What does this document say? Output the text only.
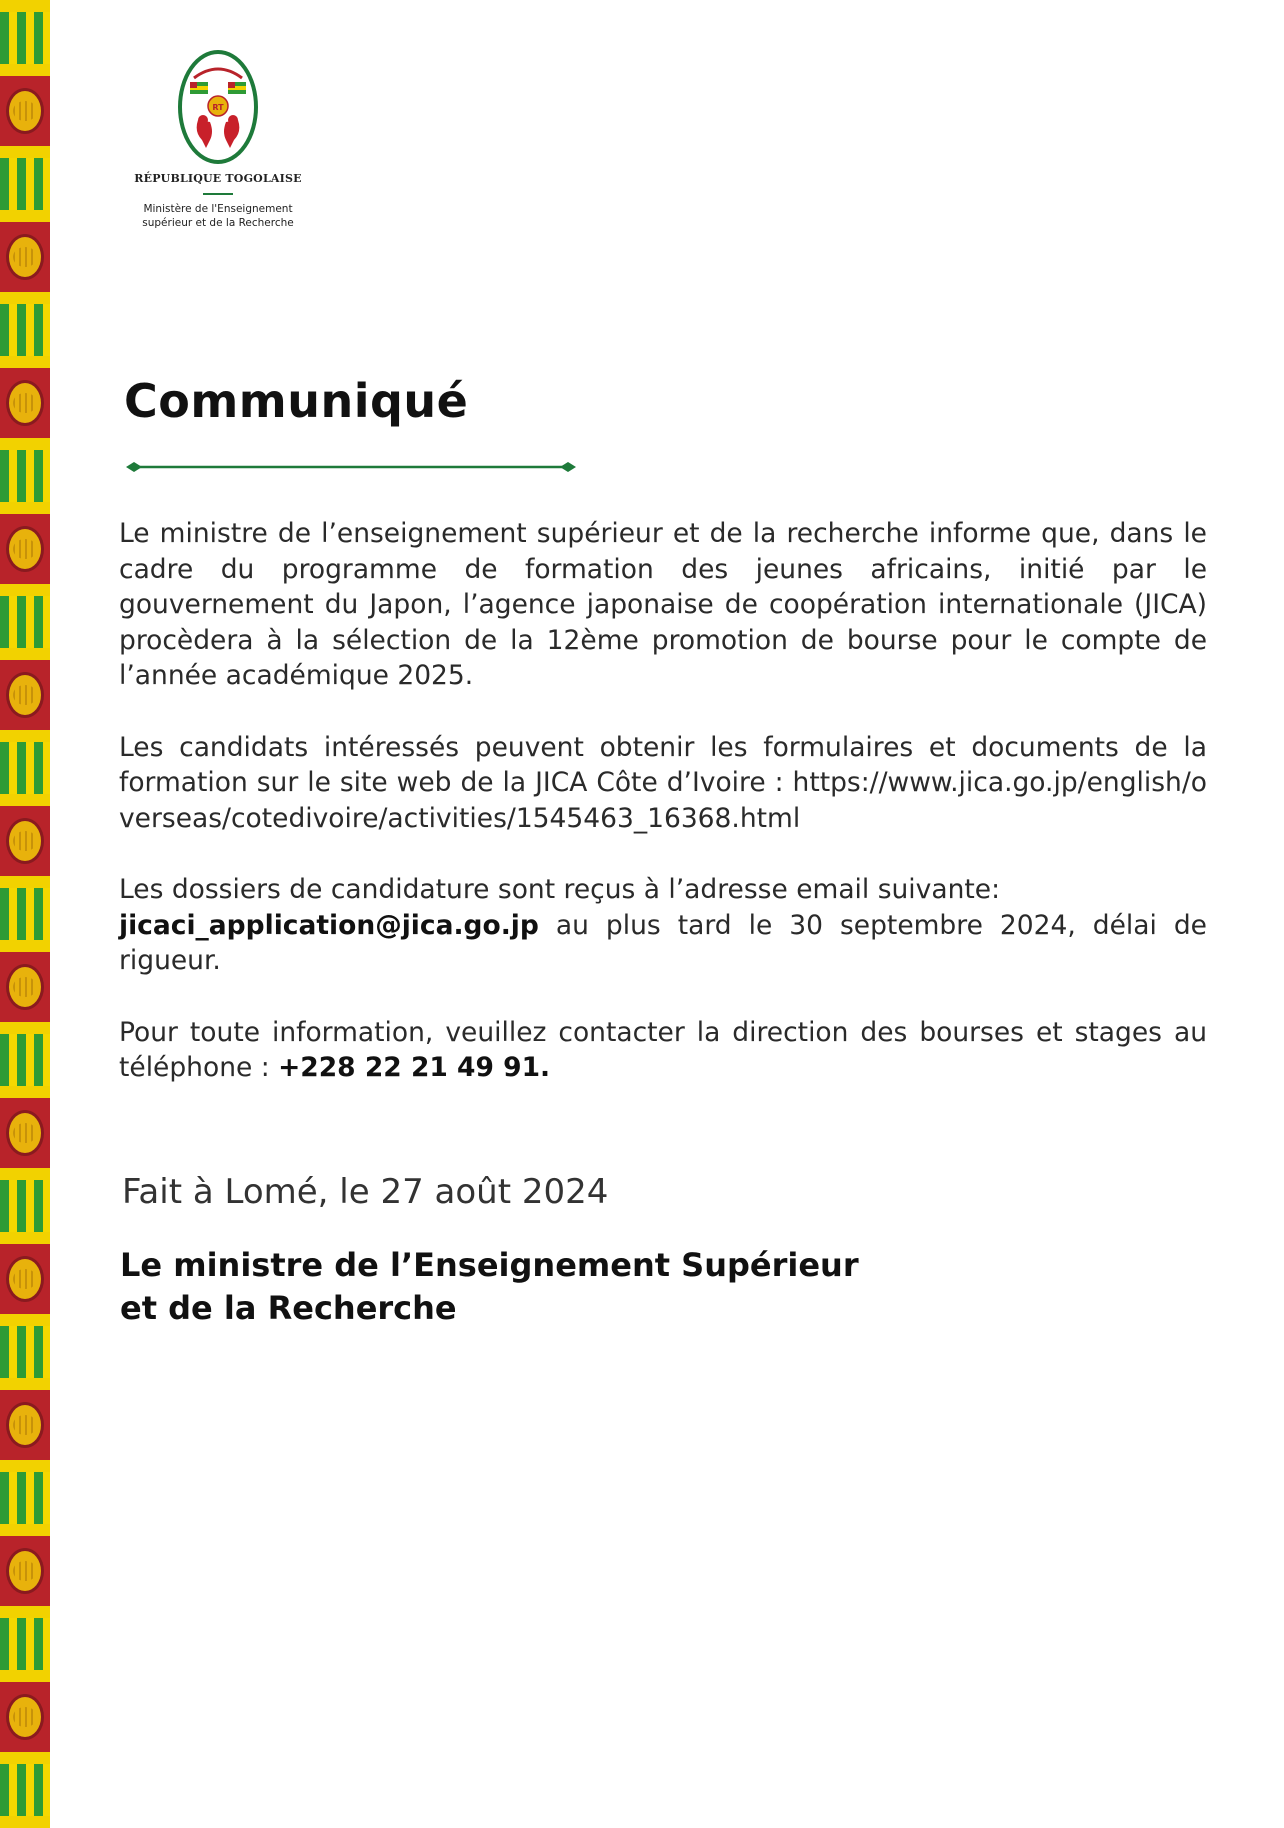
RT
RÉPUBLIQUE TOGOLAISE
Ministère de l'Enseignement
supérieur et de la Recherche
Communiqué

Le ministre de l’enseignement supérieur et de la recherche informe que, dans le cadre du programme de formation des jeunes africains, initié par le gouvernement du Japon, l’agence japonaise de coopération internationale (JICA) procèdera à la sélection de la 12ème promotion de bourse pour le compte de l’année académique 2025.

Les candidats intéressés peuvent obtenir les formulaires et documents de la formation sur le site web de la JICA Côte d’Ivoire : https://www.jica.go.jp/english/overseas/cotedivoire/activities/1545463_16368.html

Les dossiers de candidature sont reçus à l’adresse email suivante:
jicaci_application@jica.go.jp au plus tard le 30 septembre 2024, délai de rigueur.

Pour toute information, veuillez contacter la direction des bourses et stages au téléphone : +228 22 21 49 91.

Fait à Lomé, le 27 août 2024
Le ministre de l’Enseignement Supérieur
et de la Recherche
